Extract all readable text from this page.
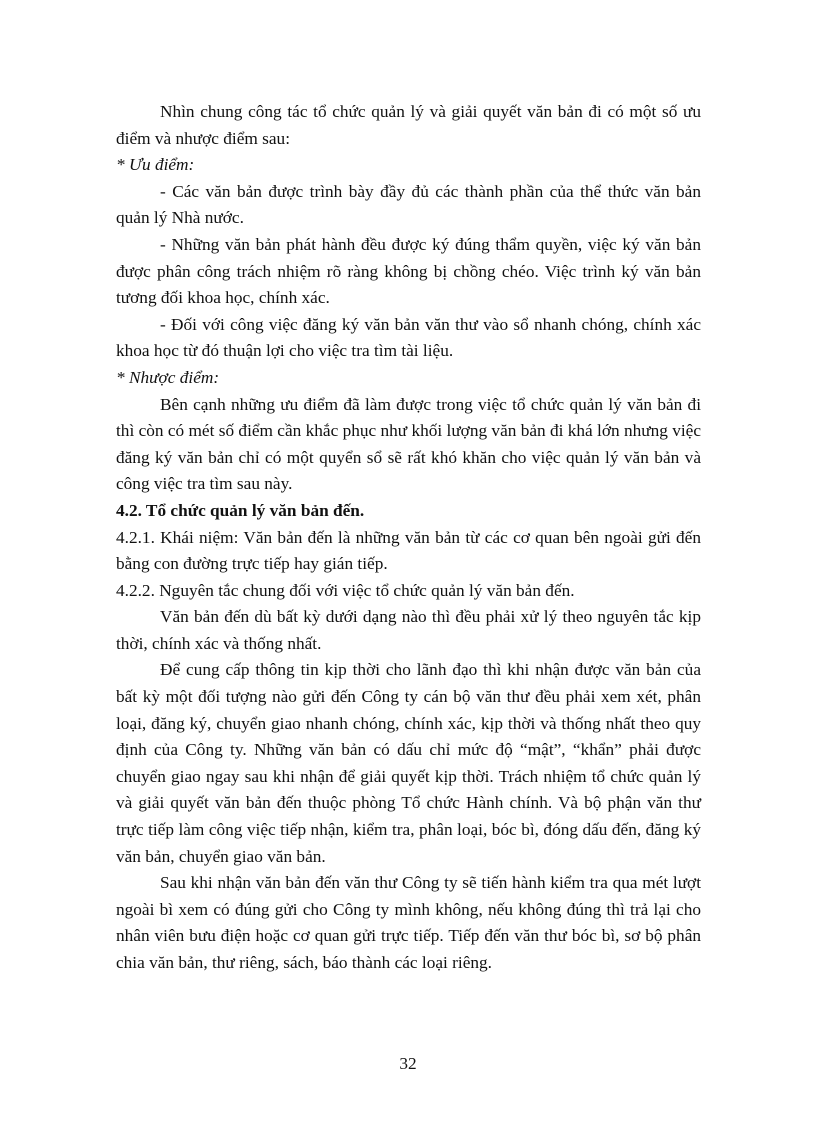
Nhìn chung công tác tổ chức quản lý và giải quyết văn bản đi có một số ưu điểm và nhược điểm sau:

* Ưu điểm:

- Các văn bản được trình bày đầy đủ các thành phần của thể thức văn bản quản lý Nhà nước.

- Những văn bản phát hành đều được ký đúng thẩm quyền, việc ký văn bản được phân công trách nhiệm rõ ràng không bị chồng chéo. Việc trình ký văn bản tương đối khoa học, chính xác.

- Đối với công việc đăng ký văn bản văn thư vào sổ nhanh chóng, chính xác khoa học từ đó thuận lợi cho việc tra tìm tài liệu.

* Nhược điểm:

Bên cạnh những ưu điểm đã làm được trong việc tổ chức quản lý văn bản đi thì còn có mét số điểm cần khắc phục như khối lượng văn bản đi khá lớn nhưng việc đăng ký văn bản chỉ có một quyển sổ sẽ rất khó khăn cho việc quản lý văn bản và công việc tra tìm sau này.

4.2. Tổ chức quản lý văn bản đến.

4.2.1. Khái niệm: Văn bản đến là những văn bản từ các cơ quan bên ngoài gửi đến bằng con đường trực tiếp hay gián tiếp.

4.2.2. Nguyên tắc chung đối với việc tổ chức quản lý văn bản đến.

Văn bản đến dù bất kỳ dưới dạng nào thì đều phải xử lý theo nguyên tắc kịp thời, chính xác và thống nhất.

Để cung cấp thông tin kịp thời cho lãnh đạo thì khi nhận được văn bản của bất kỳ một đối tượng nào gửi đến Công ty cán bộ văn thư đều phải xem xét, phân loại, đăng ký, chuyển giao nhanh chóng, chính xác, kịp thời và thống nhất theo quy định của Công ty. Những văn bản có dấu chỉ mức độ “mật”, “khẩn” phải được chuyển giao ngay sau khi nhận để giải quyết kịp thời. Trách nhiệm tổ chức quản lý và giải quyết văn bản đến thuộc phòng Tổ chức Hành chính. Và bộ phận văn thư trực tiếp làm công việc tiếp nhận, kiểm tra, phân loại, bóc bì, đóng dấu đến, đăng ký văn bản, chuyển giao văn bản.

Sau khi nhận văn bản đến văn thư Công ty sẽ tiến hành kiểm tra qua mét lượt ngoài bì xem có đúng gửi cho Công ty mình không, nếu không đúng thì trả lại cho nhân viên bưu điện hoặc cơ quan gửi trực tiếp. Tiếp đến văn thư bóc bì, sơ bộ phân chia văn bản, thư riêng, sách, báo thành các loại riêng.

32
